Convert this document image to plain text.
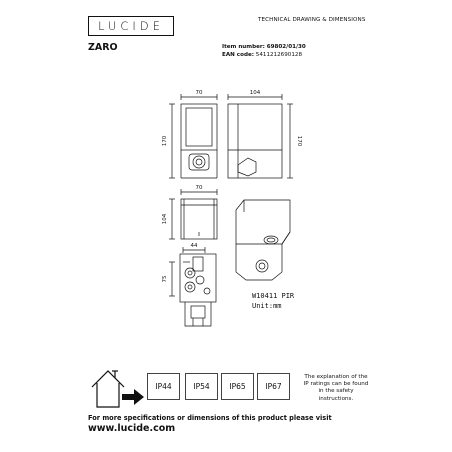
LUCIDE	TECHNICAL DRAWING & DIMENSIONS
ZARO	Item number: 69802/01/30
EAN code: 5411212690128
70	104
170	170
70
104
44
75
W10411 PIR
Unit:mm
IP44	IP54	IP65	IP67
The explanation of the IP ratings can be found in the safety instructions.
For more specifications or dimensions of this product please visit
www.lucide.com
